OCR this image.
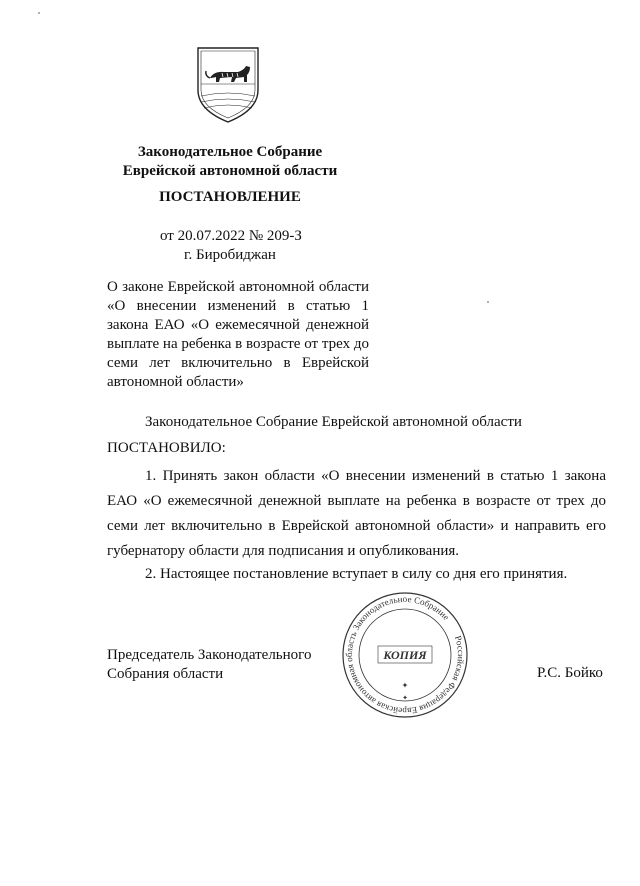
Законодательное Собрание
Еврейской автономной области
ПОСТАНОВЛЕНИЕ
от 20.07.2022 № 209-З
г. Биробиджан
О законе Еврейской автономной области «О внесении изменений в статью 1 закона ЕАО «О ежемесячной денежной выплате на ребенка в возрасте от трех до семи лет включительно в Еврейской автономной области»
Законодательное Собрание Еврейской автономной области
ПОСТАНОВИЛО:
1. Принять закон области «О внесении изменений в статью 1 закона ЕАО «О ежемесячной денежной выплате на ребенка в возрасте от трех до семи лет включительно в Еврейской автономной области» и направить его губернатору области для подписания и опубликования.
2. Настоящее постановление вступает в силу со дня его принятия.
Российская Федерация Еврейская автономная область Законодательное Собрание
КОПИЯ
✦
✦
Председатель Законодательного
Собрания области	Р.С. Бойко
